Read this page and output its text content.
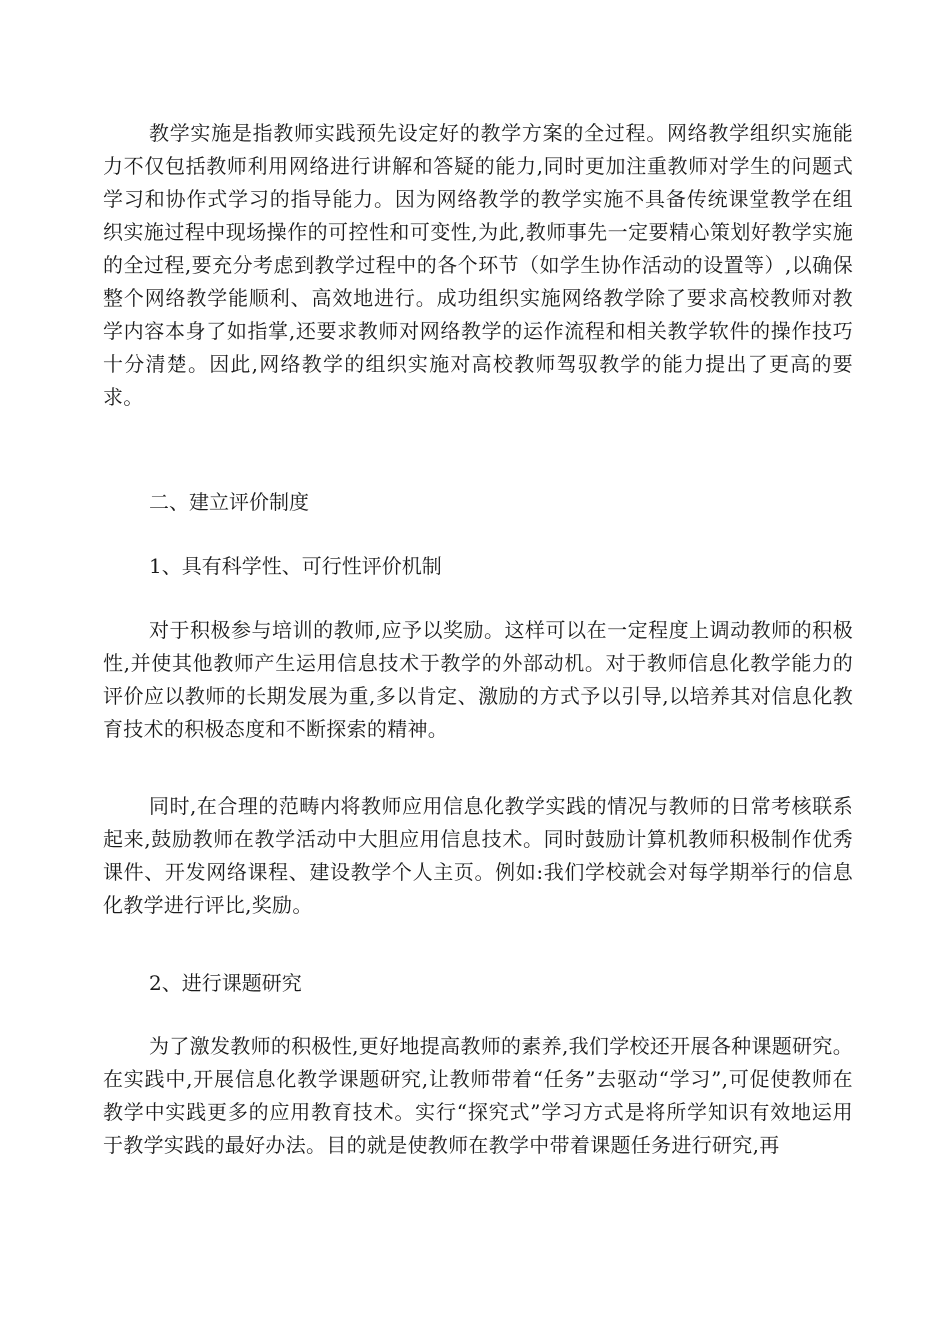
教学实施是指教师实践预先设定好的教学方案的全过程。网络教学组织实施能力不仅包括教师利用网络进行讲解和答疑的能力,同时更加注重教师对学生的问题式学习和协作式学习的指导能力。因为网络教学的教学实施不具备传统课堂教学在组织实施过程中现场操作的可控性和可变性,为此,教师事先一定要精心策划好教学实施的全过程,要充分考虑到教学过程中的各个环节（如学生协作活动的设置等）,以确保整个网络教学能顺利、高效地进行。成功组织实施网络教学除了要求高校教师对教学内容本身了如指掌,还要求教师对网络教学的运作流程和相关教学软件的操作技巧十分清楚。因此,网络教学的组织实施对高校教师驾驭教学的能力提出了更高的要求。

二、建立评价制度

1、具有科学性、可行性评价机制

对于积极参与培训的教师,应予以奖励。这样可以在一定程度上调动教师的积极性,并使其他教师产生运用信息技术于教学的外部动机。对于教师信息化教学能力的评价应以教师的长期发展为重,多以肯定、激励的方式予以引导,以培养其对信息化教育技术的积极态度和不断探索的精神。

同时,在合理的范畴内将教师应用信息化教学实践的情况与教师的日常考核联系起来,鼓励教师在教学活动中大胆应用信息技术。同时鼓励计算机教师积极制作优秀课件、开发网络课程、建设教学个人主页。例如:我们学校就会对每学期举行的信息化教学进行评比,奖励。

2、进行课题研究

为了激发教师的积极性,更好地提高教师的素养,我们学校还开展各种课题研究。在实践中,开展信息化教学课题研究,让教师带着“任务”去驱动“学习”,可促使教师在教学中实践更多的应用教育技术。实行“探究式”学习方式是将所学知识有效地运用于教学实践的最好办法。目的就是使教师在教学中带着课题任务进行研究,再
